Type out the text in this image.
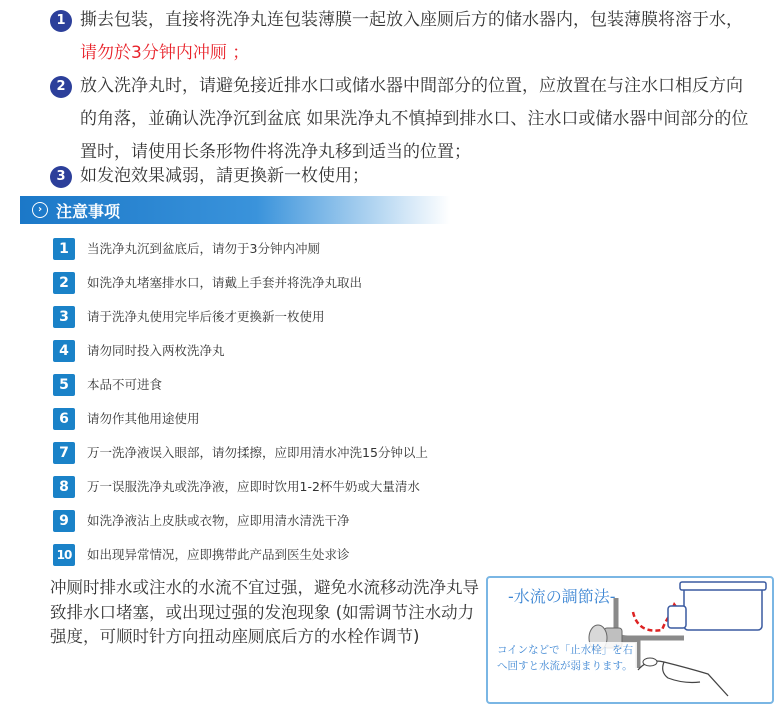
1 撕去包装，直接将洗净丸连包装薄膜一起放入座厕后方的储水器内，包装薄膜将溶于水，请勿於3分钟内冲厕 ；
2 放入洗净丸时，请避免接近排水口或储水器中間部分的位置，应放置在与注水口相反方向的角落，並确认洗净沉到盆底 如果洗净丸不慎掉到排水口、注水口或储水器中间部分的位置时，请使用长条形物件将洗净丸移到适当的位置；
3 如发泡效果减弱，請更換新一枚使用；
› 注意事项
1	当洗净丸沉到盆底后，请勿于3分钟内冲厕
2	如洗净丸堵塞排水口，请戴上手套并将洗净丸取出
3	请于洗净丸使用完毕后後才更換新一枚使用
4	请勿同时投入两枚洗净丸
5	本品不可进食
6	请勿作其他用途使用
7	万一洗净液误入眼部，请勿揉擦，应即用清水冲洗15分钟以上
8	万一误服洗净丸或洗净液，应即时饮用1-2杯牛奶或大量清水
9	如洗净液沾上皮肤或衣物，应即用清水清洗干净
10 如出现异常情况，应即携带此产品到医生处求诊
冲厕时排水或注水的水流不宜过强，避免水流移动洗净丸导致排水口堵塞，或出现过强的发泡现象 (如需调节注水动力强度，可顺时针方向扭动座厕底后方的水栓作调节)
-水流の調節法-
コインなどで「止水栓」を右へ回すと水流が弱まります。
